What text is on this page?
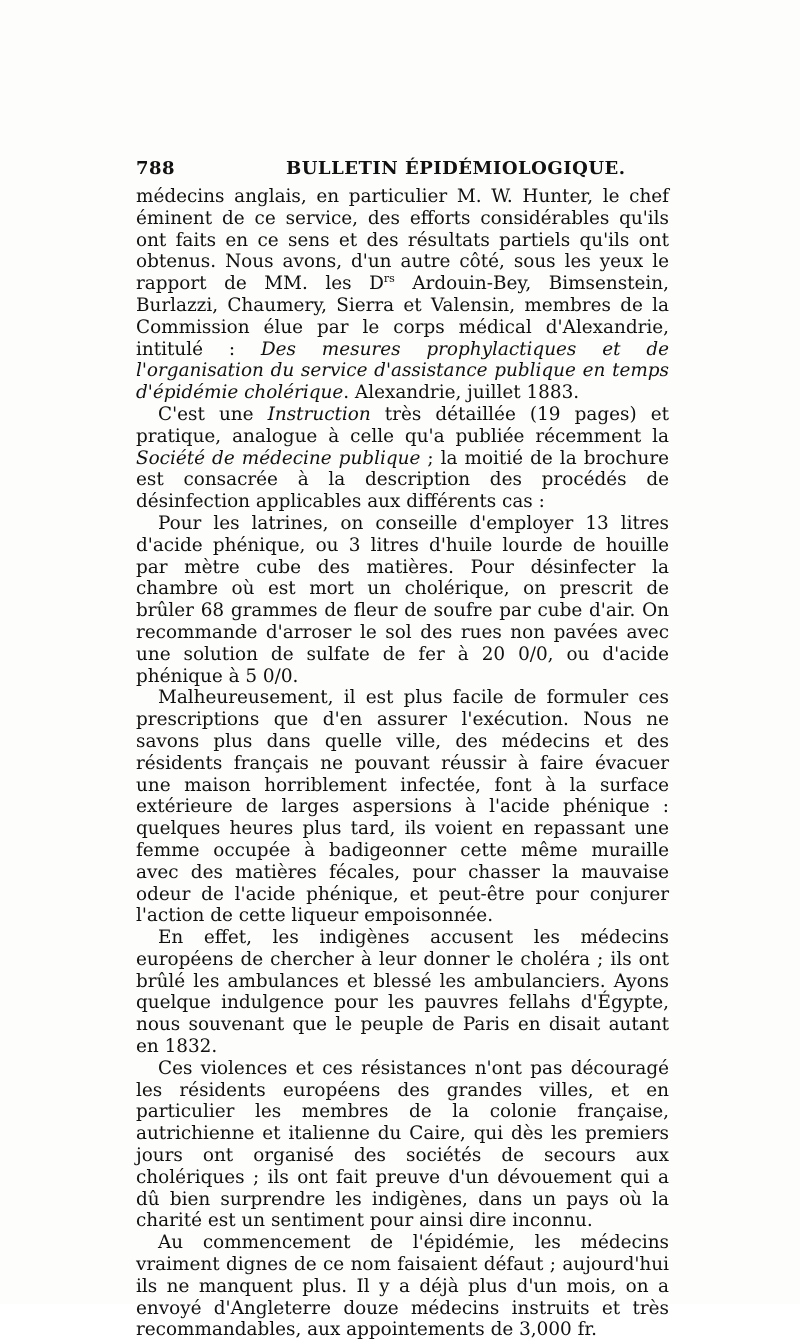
788	BULLETIN ÉPIDÉMIOLOGIQUE.

médecins anglais, en particulier M. W. Hunter, le chef éminent de ce service, des efforts considérables qu'ils ont faits en ce sens et des résultats partiels qu'ils ont obtenus. Nous avons, d'un autre côté, sous les yeux le rapport de MM. les $D^{rs}$ Ardouin-Bey, Bimsenstein, Burlazzi, Chaumery, Sierra et Valensin, membres de la Commission élue par le corps médical d'Alexandrie, intitulé : Des mesures prophylactiques et de l'organisation du service d'assistance publique en temps d'épidémie cholérique. Alexandrie, juillet 1883.

C'est une Instruction très détaillée (19 pages) et pratique, analogue à celle qu'a publiée récemment la Société de médecine publique ; la moitié de la brochure est consacrée à la description des procédés de désinfection applicables aux différents cas :

Pour les latrines, on conseille d'employer 13 litres d'acide phénique, ou 3 litres d'huile lourde de houille par mètre cube des matières. Pour désinfecter la chambre où est mort un cholérique, on prescrit de brûler 68 grammes de fleur de soufre par cube d'air. On recommande d'arroser le sol des rues non pavées avec une solution de sulfate de fer à 20 0/0, ou d'acide phénique à 5 0/0.

Malheureusement, il est plus facile de formuler ces prescriptions que d'en assurer l'exécution. Nous ne savons plus dans quelle ville, des médecins et des résidents français ne pouvant réussir à faire évacuer une maison horriblement infectée, font à la surface extérieure de larges aspersions à l'acide phénique : quelques heures plus tard, ils voient en repassant une femme occupée à badigeonner cette même muraille avec des matières fécales, pour chasser la mauvaise odeur de l'acide phénique, et peut-être pour conjurer l'action de cette liqueur empoisonnée.

En effet, les indigènes accusent les médecins européens de chercher à leur donner le choléra ; ils ont brûlé les ambulances et blessé les ambulanciers. Ayons quelque indulgence pour les pauvres fellahs d'Égypte, nous souvenant que le peuple de Paris en disait autant en 1832.

Ces violences et ces résistances n'ont pas découragé les résidents européens des grandes villes, et en particulier les membres de la colonie française, autrichienne et italienne du Caire, qui dès les premiers jours ont organisé des sociétés de secours aux cholériques ; ils ont fait preuve d'un dévouement qui a dû bien surprendre les indigènes, dans un pays où la charité est un sentiment pour ainsi dire inconnu.

Au commencement de l'épidémie, les médecins vraiment dignes de ce nom faisaient défaut ; aujourd'hui ils ne manquent plus. Il y a déjà plus d'un mois, on a envoyé d'Angleterre douze médecins instruits et très recommandables, aux appointements de 3,000 fr.
